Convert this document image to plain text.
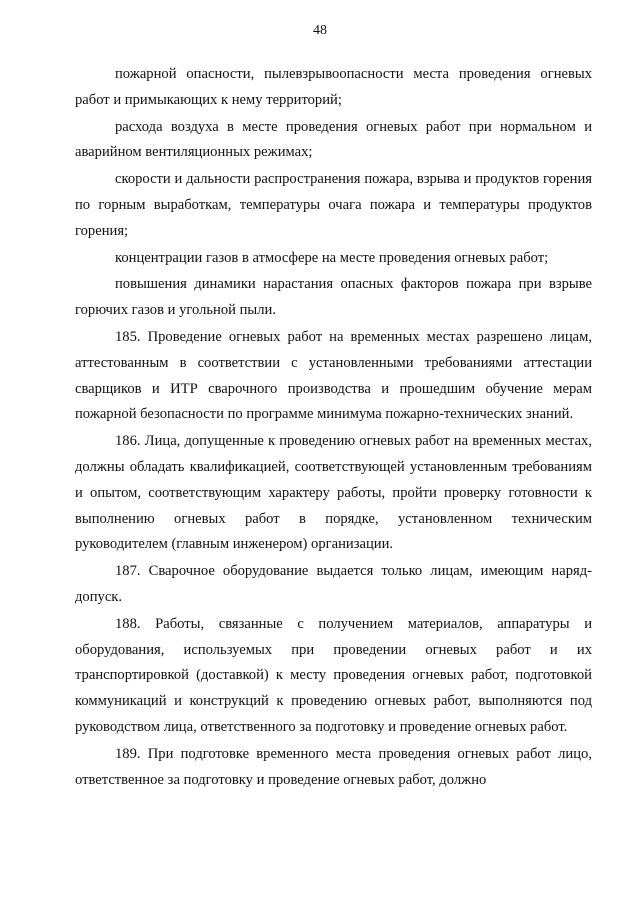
48

пожарной опасности, пылевзрывоопасности места проведения огневых работ и примыкающих к нему территорий;

расхода воздуха в месте проведения огневых работ при нормальном и аварийном вентиляционных режимах;

скорости и дальности распространения пожара, взрыва и продуктов горения по горным выработкам, температуры очага пожара и температуры продуктов горения;

концентрации газов в атмосфере на месте проведения огневых работ;

повышения динамики нарастания опасных факторов пожара при взрыве горючих газов и угольной пыли.

185. Проведение огневых работ на временных местах разрешено лицам, аттестованным в соответствии с установленными требованиями аттестации сварщиков и ИТР сварочного производства и прошедшим обучение мерам пожарной безопасности по программе минимума пожарно-технических знаний.

186. Лица, допущенные к проведению огневых работ на временных местах, должны обладать квалификацией, соответствующей установленным требованиям и опытом, соответствующим характеру работы, пройти проверку готовности к выполнению огневых работ в порядке, установленном техническим руководителем (главным инженером) организации.

187. Сварочное оборудование выдается только лицам, имеющим наряд-допуск.

188. Работы, связанные с получением материалов, аппаратуры и оборудования, используемых при проведении огневых работ и их транспортировкой (доставкой) к месту проведения огневых работ, подготовкой коммуникаций и конструкций к проведению огневых работ, выполняются под руководством лица, ответственного за подготовку и проведение огневых работ.

189. При подготовке временного места проведения огневых работ лицо, ответственное за подготовку и проведение огневых работ, должно
